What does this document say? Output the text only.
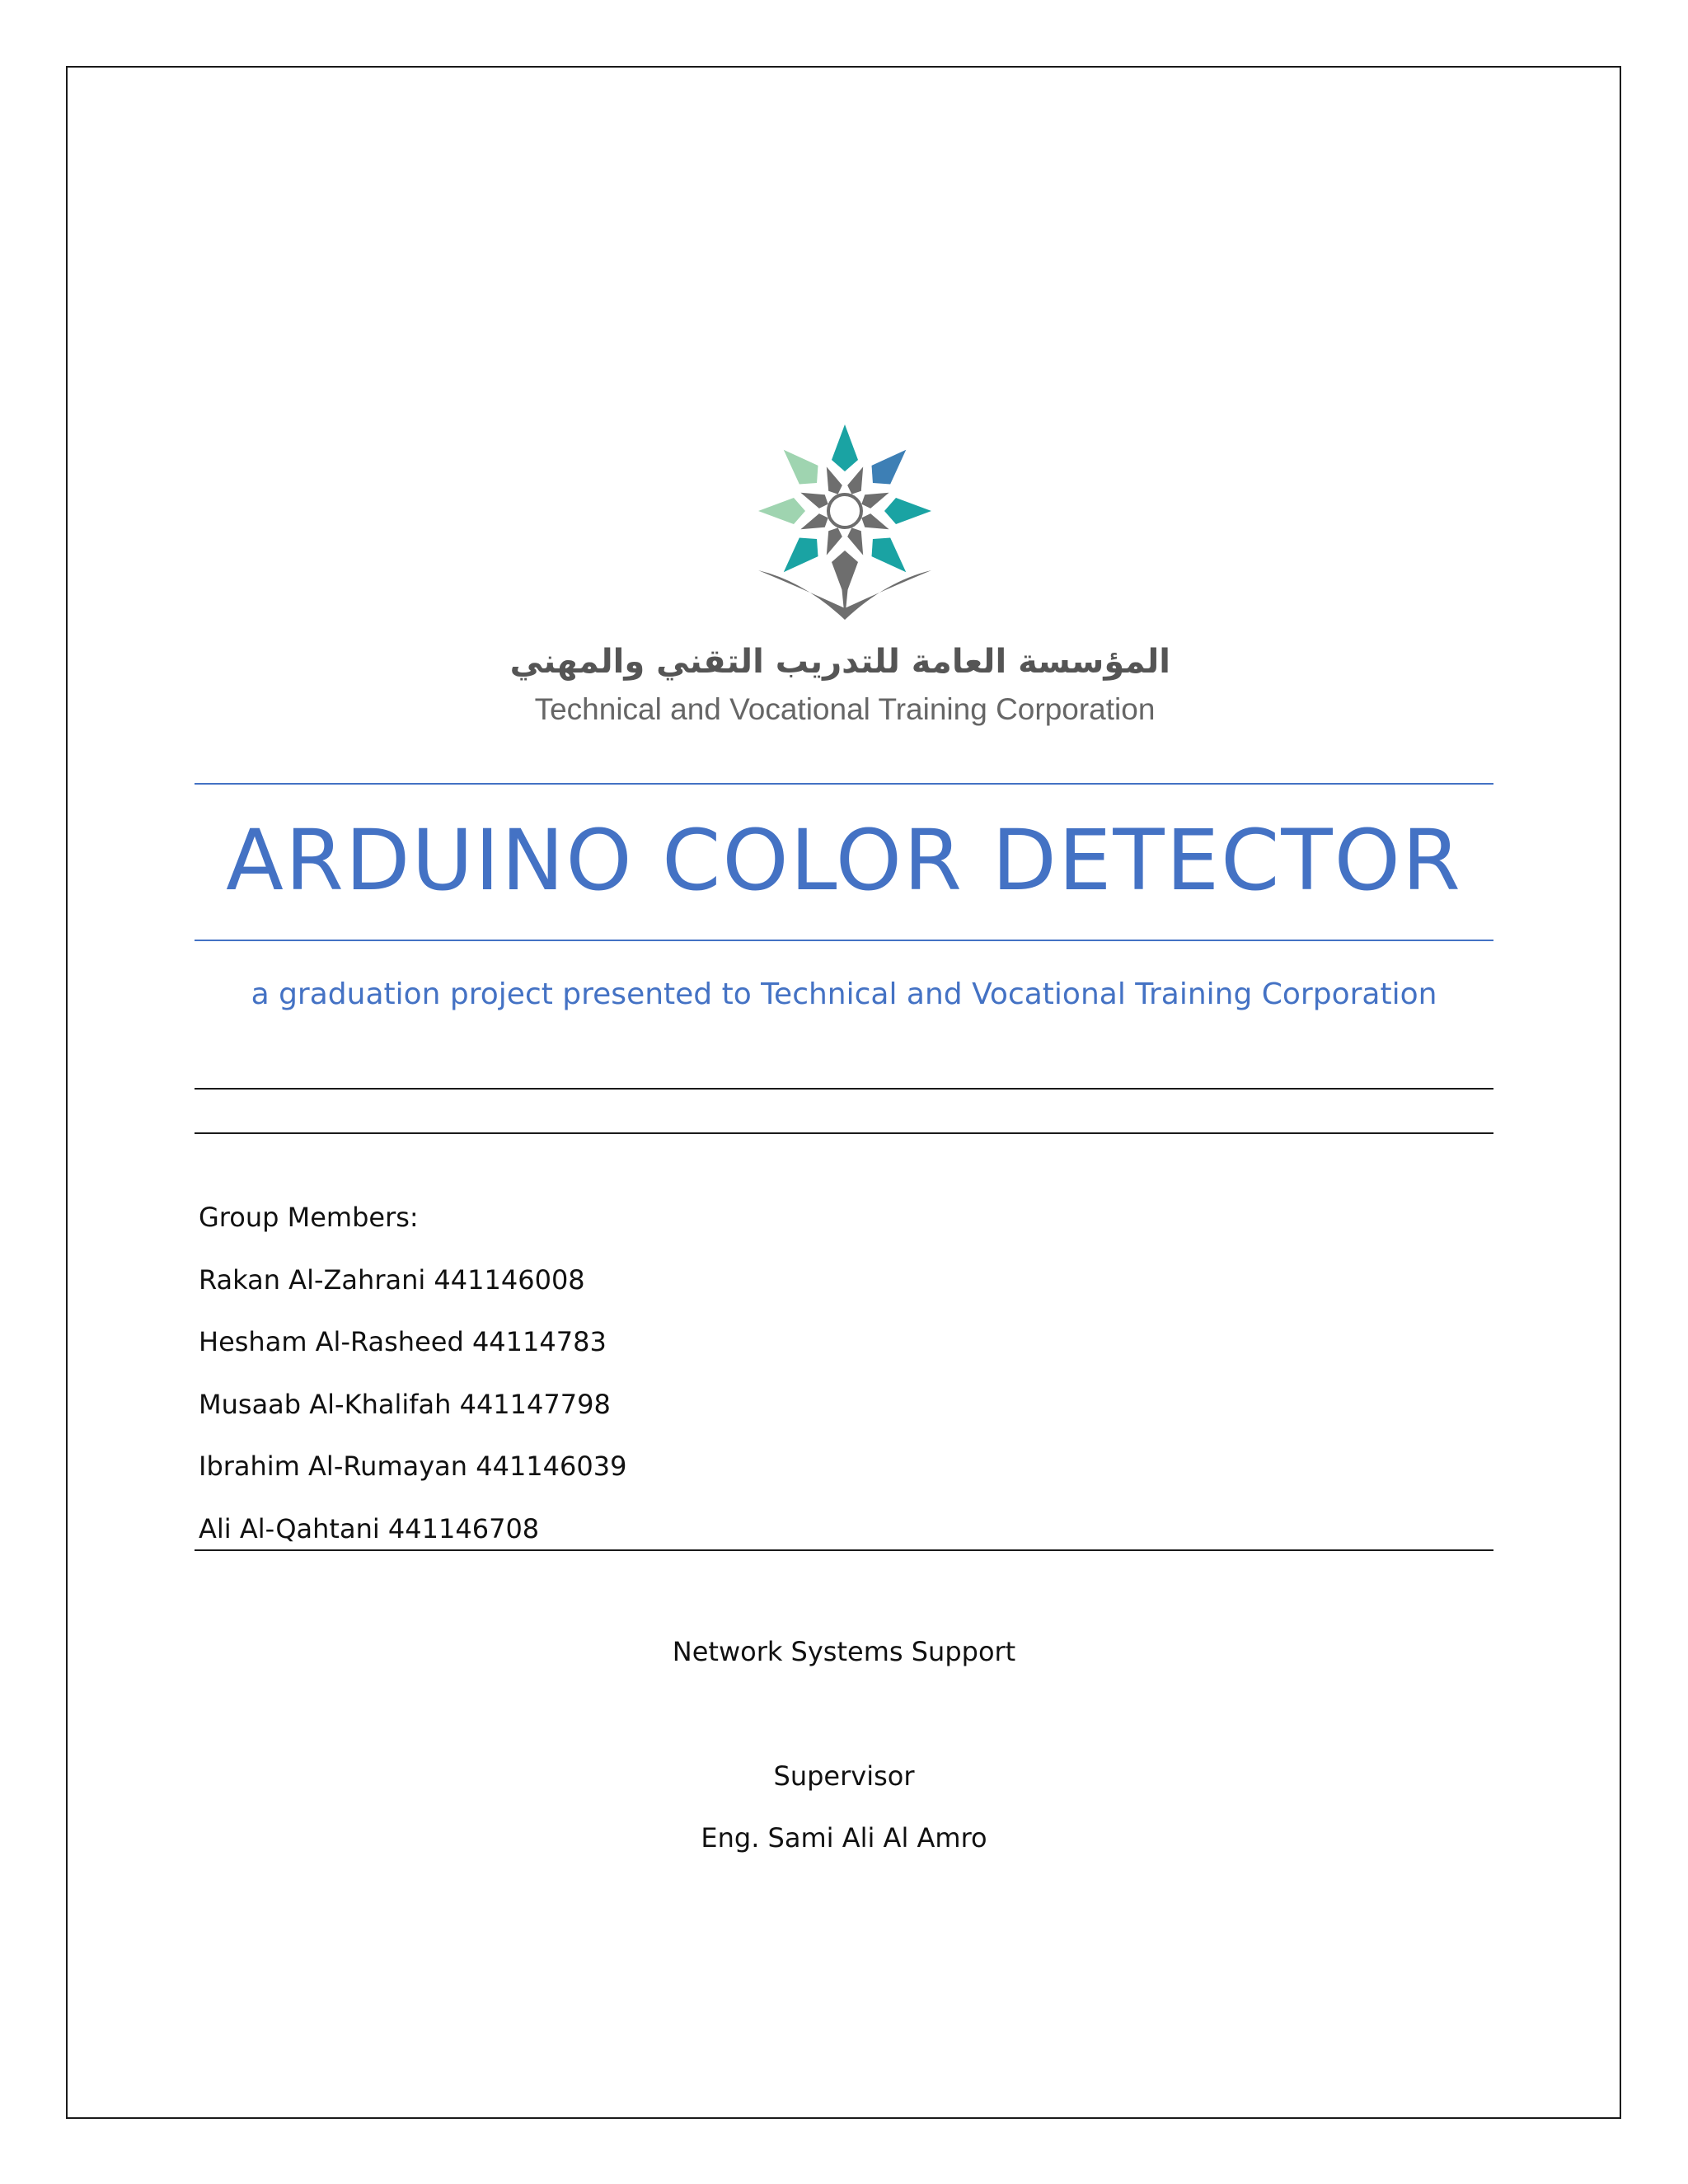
المؤسسة العامة للتدريب التقني والمهني
Technical and Vocational Training Corporation
ARDUINO COLOR DETECTOR
a graduation project presented to Technical and Vocational Training Corporation
Group Members:
Rakan Al-Zahrani 441146008
Hesham Al-Rasheed 44114783
Musaab Al-Khalifah 441147798
Ibrahim Al-Rumayan 441146039
Ali Al-Qahtani 441146708
Network Systems Support
Supervisor
Eng. Sami Ali Al Amro
